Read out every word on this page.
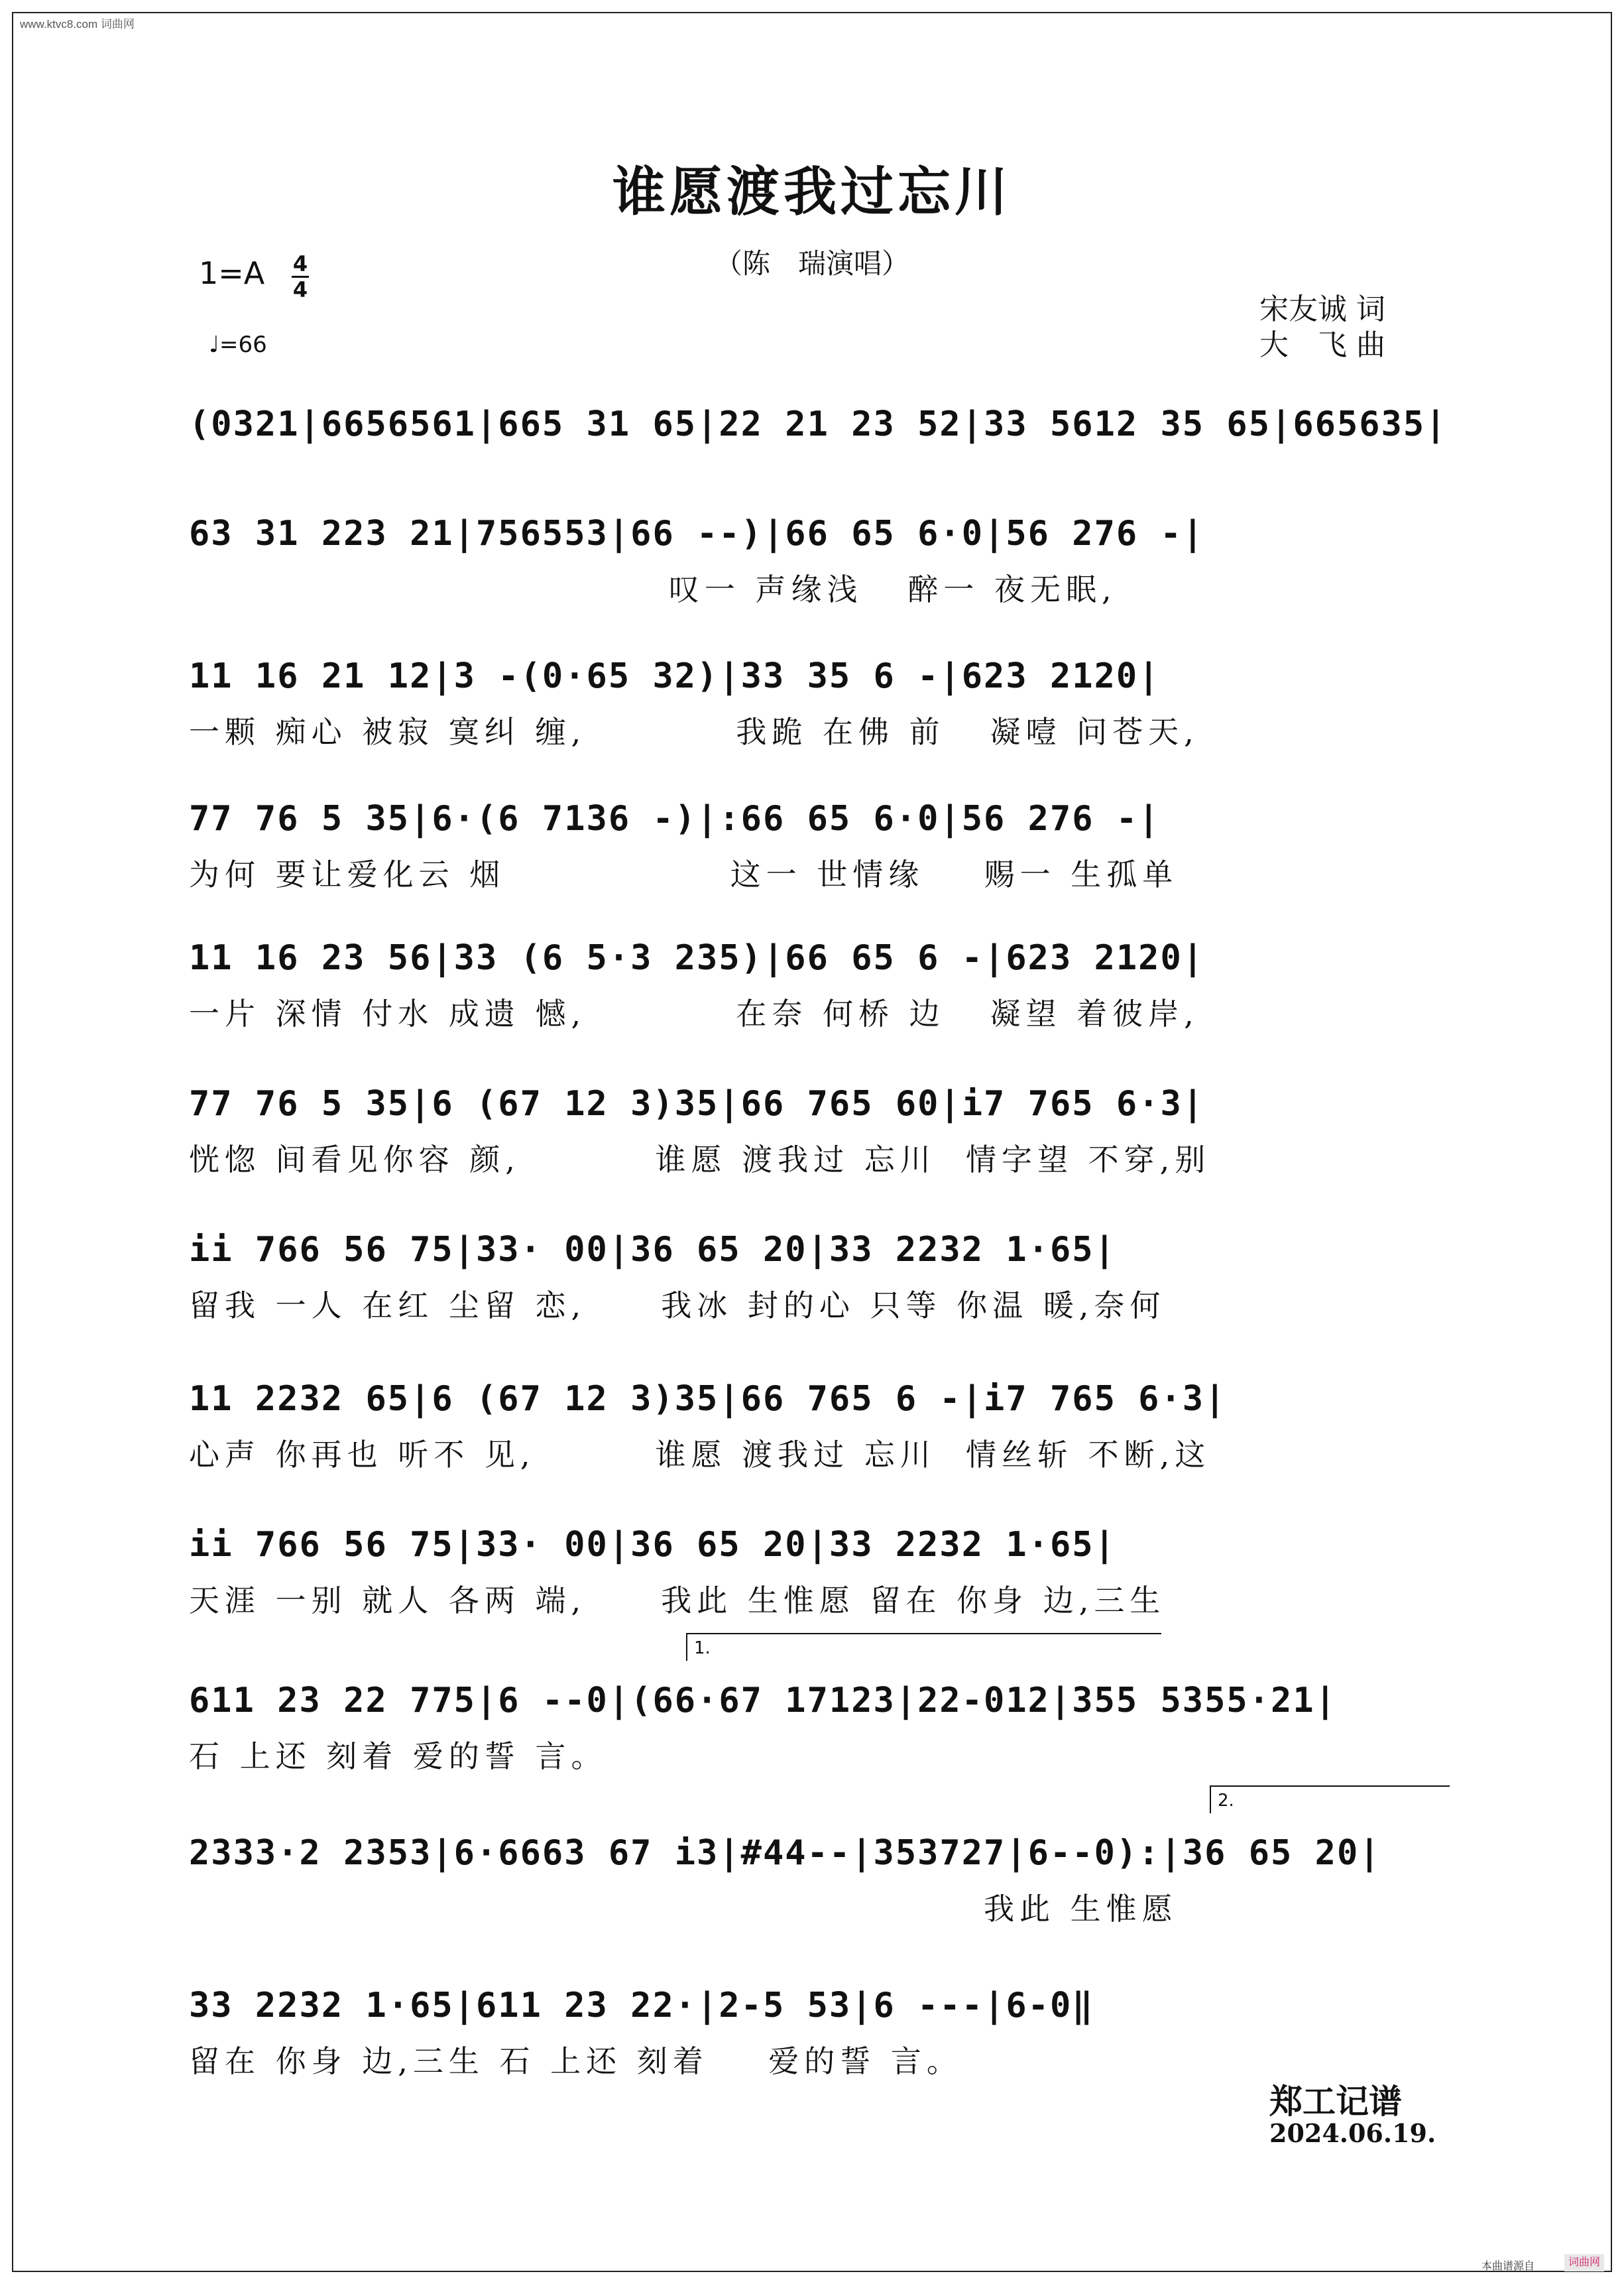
www.ktvc8.com 词曲网
谁愿渡我过忘川
（陈　瑞演唱）
1=A 4
4
♩=66
宋友诚 词
大　飞 曲
(0321|6656561|665 31 65|22 21 23 52|33 5612 35 65|665635|
63 31 223 21|756553|66 --)|66 65 6·0|56 276 -|
叹一 声缘浅   醉一 夜无眠,
11 16 21 12|3 -(0·65 32)|33 35 6 -|623 2120|
一颗 痴心 被寂 寞纠 缠,          我跪 在佛 前   凝噎 问苍天,
77 76 5 35|6·(6 7136 -)|:66 65 6·0|56 276 -|
为何 要让爱化云 烟               这一 世情缘    赐一 生孤单
11 16 23 56|33 (6 5·3 235)|66 65 6 -|623 2120|
一片 深情 付水 成遗 憾,          在奈 何桥 边   凝望 着彼岸,
77 76 5 35|6 (67 12 3)35|66 765 60|i7 765 6·3|
恍惚 间看见你容 颜,         谁愿 渡我过 忘川  情字望 不穿,别
ii 766 56 75|33· 00|36 65 20|33 2232 1·65|
留我 一人 在红 尘留 恋,     我冰 封的心 只等 你温 暖,奈何
11 2232 65|6 (67 12 3)35|66 765 6 -|i7 765 6·3|
心声 你再也 听不 见,        谁愿 渡我过 忘川  情丝斩 不断,这
ii 766 56 75|33· 00|36 65 20|33 2232 1·65|
天涯 一别 就人 各两 端,     我此 生惟愿 留在 你身 边,三生
1.
611 23 22 775|6 --0|(66·67 17123|22-012|355 5355·21|
石 上还 刻着 爱的誓 言。
2.
2333·2 2353|6·6663 67 i3|#44--|353727|6--0):|36 65 20|
我此 生惟愿
33 2232 1·65|611 23 22·|2-5 53|6 ---|6-0‖
留在 你身 边,三生 石 上还 刻着    爱的誓 言。
郑工记谱
2024.06.19.
本曲谱源自	词曲网
